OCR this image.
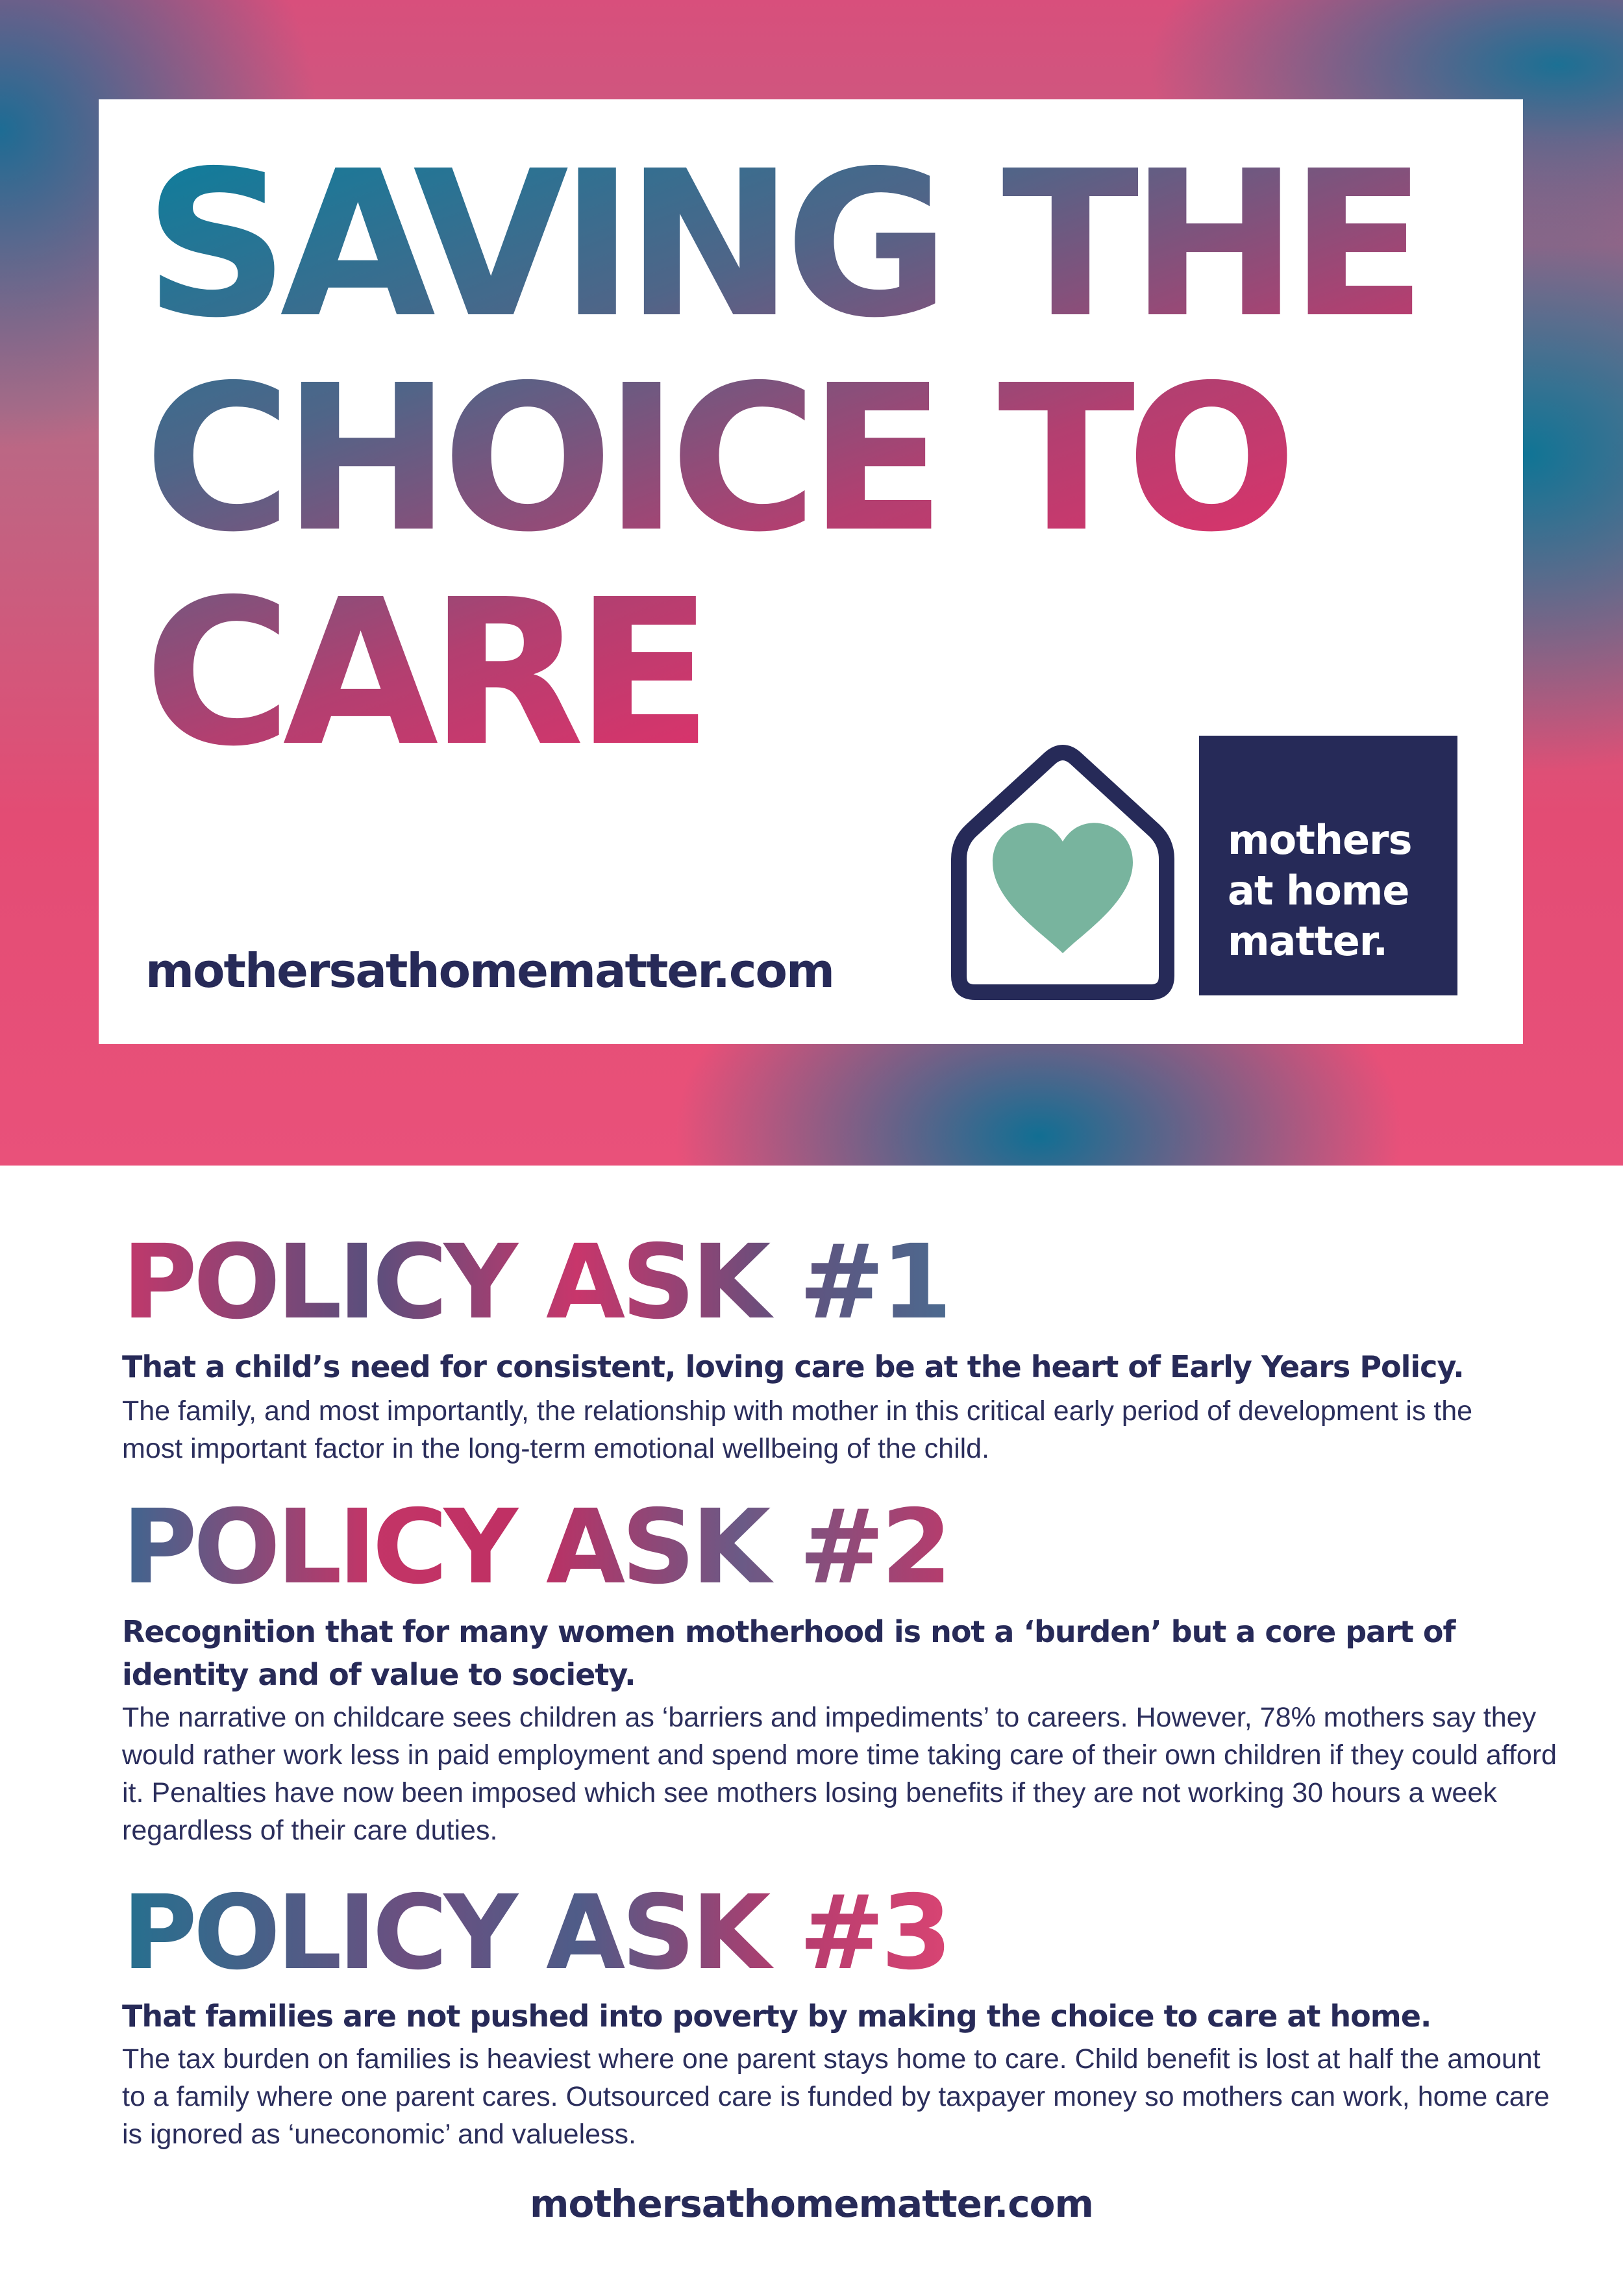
SAVING THE
CHOICE TO
CARE
mothersathomematter.com
mothers
at home
matter.
POLICY ASK #1

That a child’s need for consistent, loving care be at the heart of Early Years Policy.

The family, and most importantly, the relationship with mother in this critical early period of development is the most important factor in the long-term emotional wellbeing of the child.

POLICY ASK #2

Recognition that for many women motherhood is not a ‘burden’ but a core part of identity and of value to society.

The narrative on childcare sees children as ‘barriers and impediments’ to careers. However, 78% mothers say they would rather work less in paid employment and spend more time taking care of their own children if they could afford it. Penalties have now been imposed which see mothers losing benefits if they are not working 30 hours a week regardless of their care duties.

POLICY ASK #3

That families are not pushed into poverty by making the choice to care at home.

The tax burden on families is heaviest where one parent stays home to care. Child benefit is lost at half the amount to a family where one parent cares. Outsourced care is funded by taxpayer money so mothers can work, home care is ignored as ‘uneconomic’ and valueless.

mothersathomematter.com
